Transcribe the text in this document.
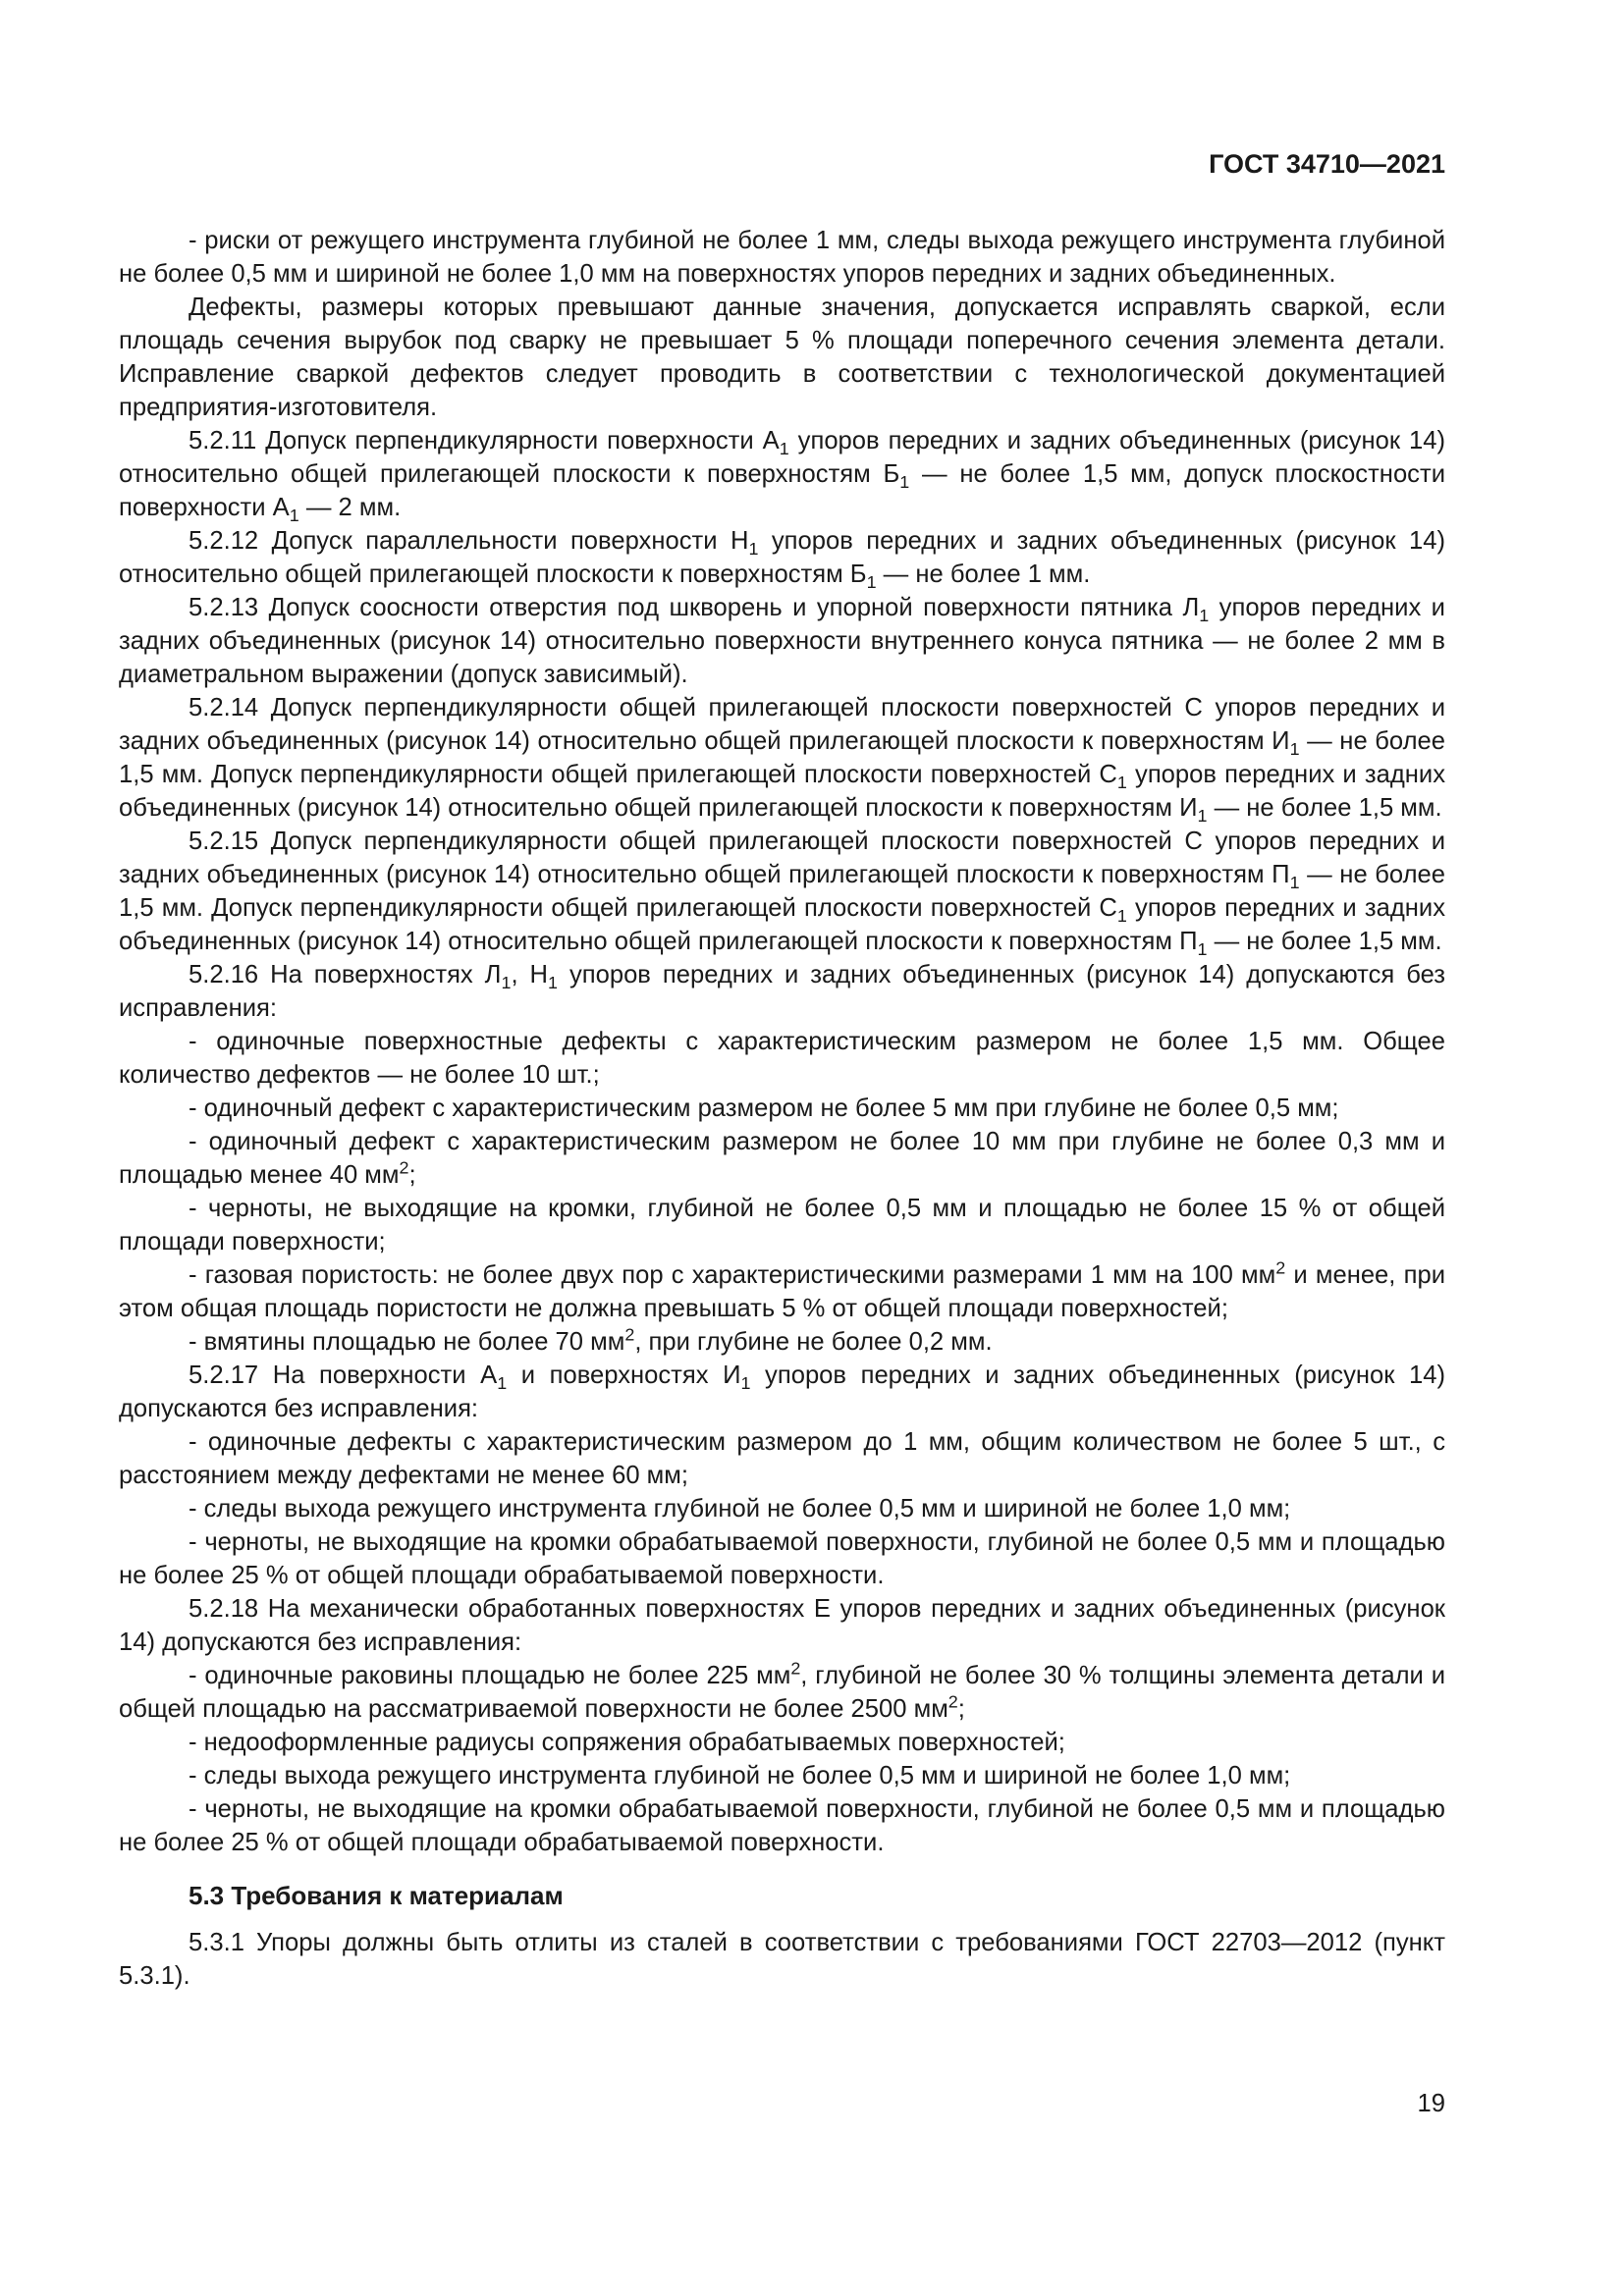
ГОСТ 34710—2021

- риски от режущего инструмента глубиной не более 1 мм, следы выхода режущего инструмента глубиной не более 0,5 мм и шириной не более 1,0 мм на поверхностях упоров передних и задних объединенных.

Дефекты, размеры которых превышают данные значения, допускается исправлять сваркой, если площадь сечения вырубок под сварку не превышает 5 % площади поперечного сечения элемента детали. Исправление сваркой дефектов следует проводить в соответствии с технологической документацией предприятия-изготовителя.

5.2.11 Допуск перпендикулярности поверхности $А_1$ упоров передних и задних объединенных (рисунок 14) относительно общей прилегающей плоскости к поверхностям $Б_1$ — не более 1,5 мм, допуск плоскостности поверхности $А_1$ — 2 мм.

5.2.12 Допуск параллельности поверхности $Н_1$ упоров передних и задних объединенных (рисунок 14) относительно общей прилегающей плоскости к поверхностям $Б_1$ — не более 1 мм.

5.2.13 Допуск соосности отверстия под шкворень и упорной поверхности пятника $Л_1$ упоров передних и задних объединенных (рисунок 14) относительно поверхности внутреннего конуса пятника — не более 2 мм в диаметральном выражении (допуск зависимый).

5.2.14 Допуск перпендикулярности общей прилегающей плоскости поверхностей С упоров передних и задних объединенных (рисунок 14) относительно общей прилегающей плоскости к поверхностям $И_1$ — не более 1,5 мм. Допуск перпендикулярности общей прилегающей плоскости поверхностей $С_1$ упоров передних и задних объединенных (рисунок 14) относительно общей прилегающей плоскости к поверхностям $И_1$ — не более 1,5 мм.

5.2.15 Допуск перпендикулярности общей прилегающей плоскости поверхностей С упоров передних и задних объединенных (рисунок 14) относительно общей прилегающей плоскости к поверхностям $П_1$ — не более 1,5 мм. Допуск перпендикулярности общей прилегающей плоскости поверхностей $С_1$ упоров передних и задних объединенных (рисунок 14) относительно общей прилегающей плоскости к поверхностям $П_1$ — не более 1,5 мм.

5.2.16 На поверхностях $Л_1$, $Н_1$ упоров передних и задних объединенных (рисунок 14) допускаются без исправления:

- одиночные поверхностные дефекты с характеристическим размером не более 1,5 мм. Общее количество дефектов — не более 10 шт.;

- одиночный дефект с характеристическим размером не более 5 мм при глубине не более 0,5 мм;

- одиночный дефект с характеристическим размером не более 10 мм при глубине не более 0,3 мм и площадью менее 40 $мм^2$;

- черноты, не выходящие на кромки, глубиной не более 0,5 мм и площадью не более 15 % от общей площади поверхности;

- газовая пористость: не более двух пор с характеристическими размерами 1 мм на 100 $мм^2$ и менее, при этом общая площадь пористости не должна превышать 5 % от общей площади поверхностей;

- вмятины площадью не более 70 $мм^2$, при глубине не более 0,2 мм.

5.2.17 На поверхности $А_1$ и поверхностях $И_1$ упоров передних и задних объединенных (рисунок 14) допускаются без исправления:

- одиночные дефекты с характеристическим размером до 1 мм, общим количеством не более 5 шт., с расстоянием между дефектами не менее 60 мм;

- следы выхода режущего инструмента глубиной не более 0,5 мм и шириной не более 1,0 мм;

- черноты, не выходящие на кромки обрабатываемой поверхности, глубиной не более 0,5 мм и площадью не более 25 % от общей площади обрабатываемой поверхности.

5.2.18 На механически обработанных поверхностях Е упоров передних и задних объединенных (рисунок 14) допускаются без исправления:

- одиночные раковины площадью не более 225 $мм^2$, глубиной не более 30 % толщины элемента детали и общей площадью на рассматриваемой поверхности не более 2500 $мм^2$;

- недооформленные радиусы сопряжения обрабатываемых поверхностей;

- следы выхода режущего инструмента глубиной не более 0,5 мм и шириной не более 1,0 мм;

- черноты, не выходящие на кромки обрабатываемой поверхности, глубиной не более 0,5 мм и площадью не более 25 % от общей площади обрабатываемой поверхности.

5.3 Требования к материалам

5.3.1 Упоры должны быть отлиты из сталей в соответствии с требованиями ГОСТ 22703—2012 (пункт 5.3.1).

19
